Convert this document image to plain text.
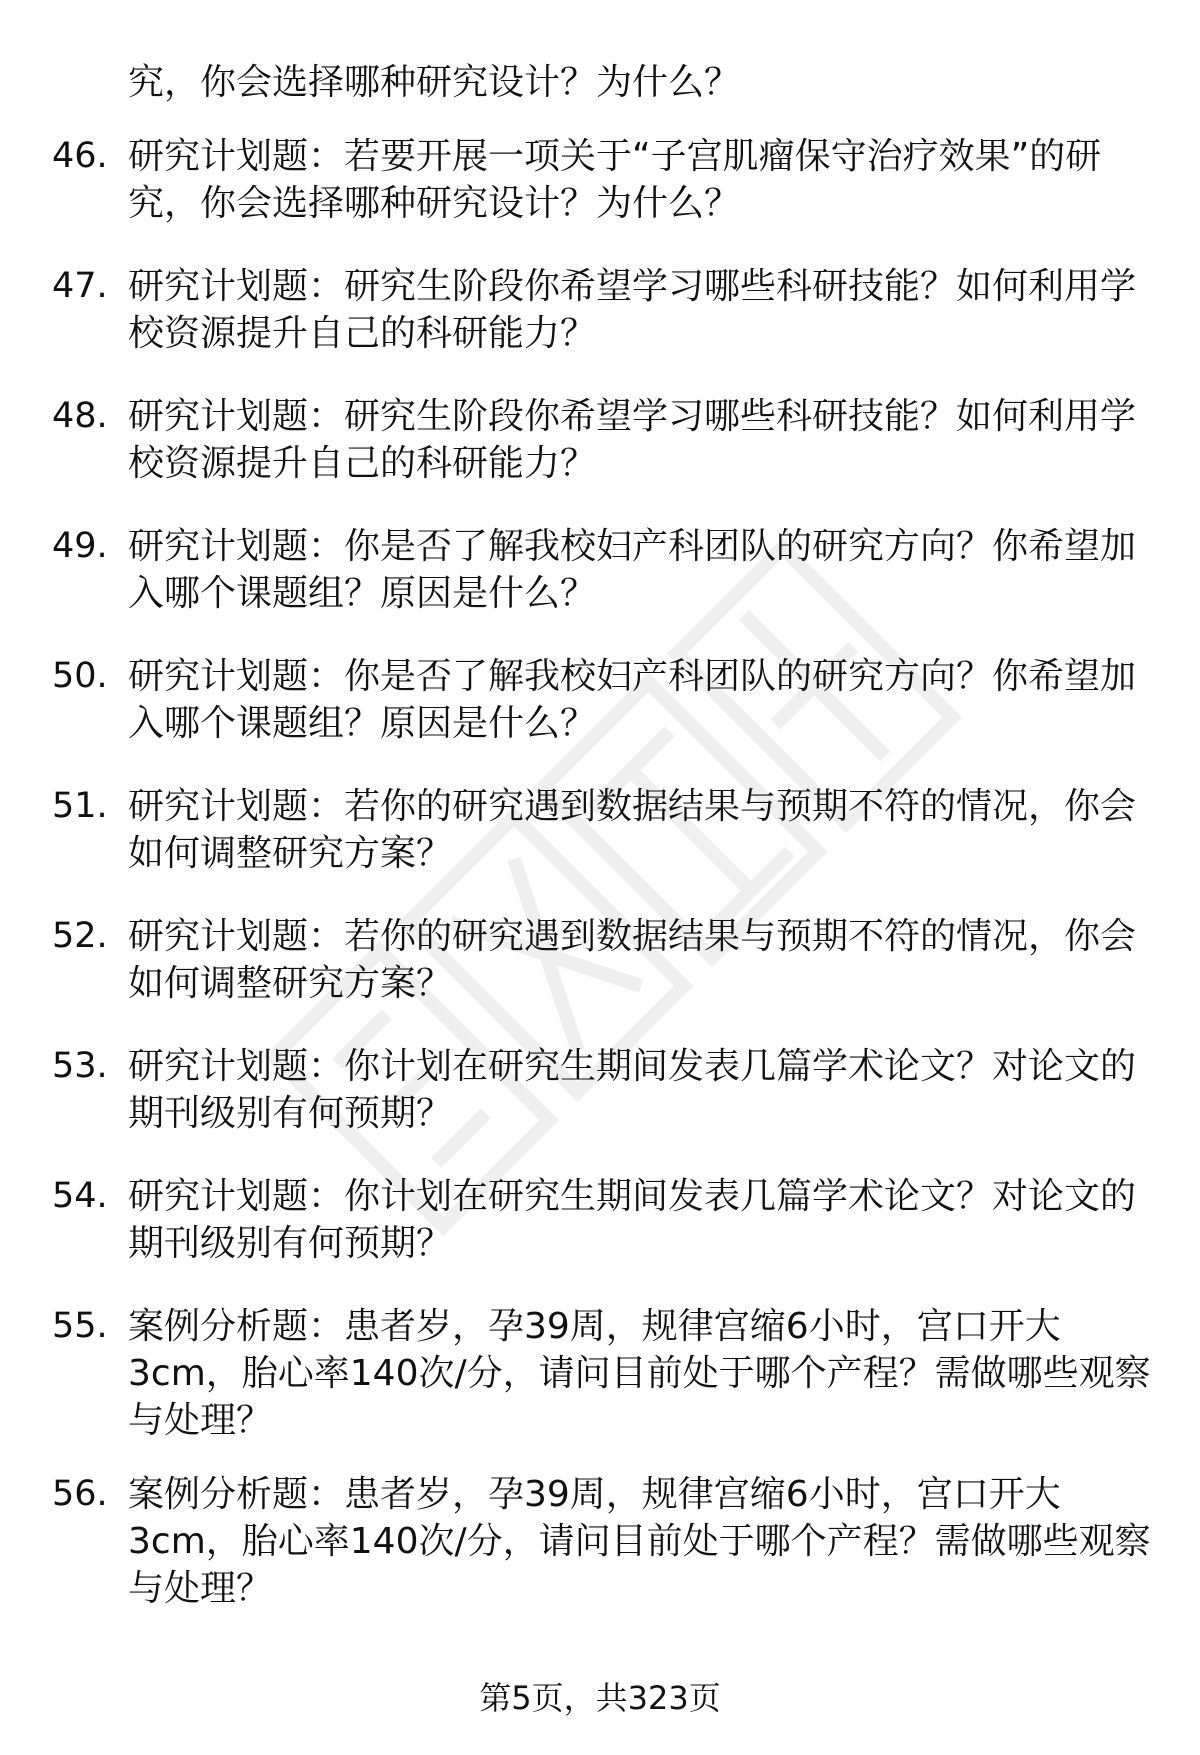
究，你会选择哪种研究设计？为什么？
46. 研究计划题：若要开展一项关于“子宫肌瘤保守治疗效果”的研
究，你会选择哪种研究设计？为什么？
47. 研究计划题：研究生阶段你希望学习哪些科研技能？如何利用学
校资源提升自己的科研能力？
48. 研究计划题：研究生阶段你希望学习哪些科研技能？如何利用学
校资源提升自己的科研能力？
49. 研究计划题：你是否了解我校妇产科团队的研究方向？你希望加
入哪个课题组？原因是什么？
50. 研究计划题：你是否了解我校妇产科团队的研究方向？你希望加
入哪个课题组？原因是什么？
51. 研究计划题：若你的研究遇到数据结果与预期不符的情况，你会
如何调整研究方案？
52. 研究计划题：若你的研究遇到数据结果与预期不符的情况，你会
如何调整研究方案？
53. 研究计划题：你计划在研究生期间发表几篇学术论文？对论文的
期刊级别有何预期？
54. 研究计划题：你计划在研究生期间发表几篇学术论文？对论文的
期刊级别有何预期？
55. 案例分析题：患者岁，孕39周，规律宫缩6小时，宫口开大
3cm，胎心率140次/分，请问目前处于哪个产程？需做哪些观察
与处理？
56. 案例分析题：患者岁，孕39周，规律宫缩6小时，宫口开大
3cm，胎心率140次/分，请问目前处于哪个产程？需做哪些观察
与处理？
第5页，共323页
